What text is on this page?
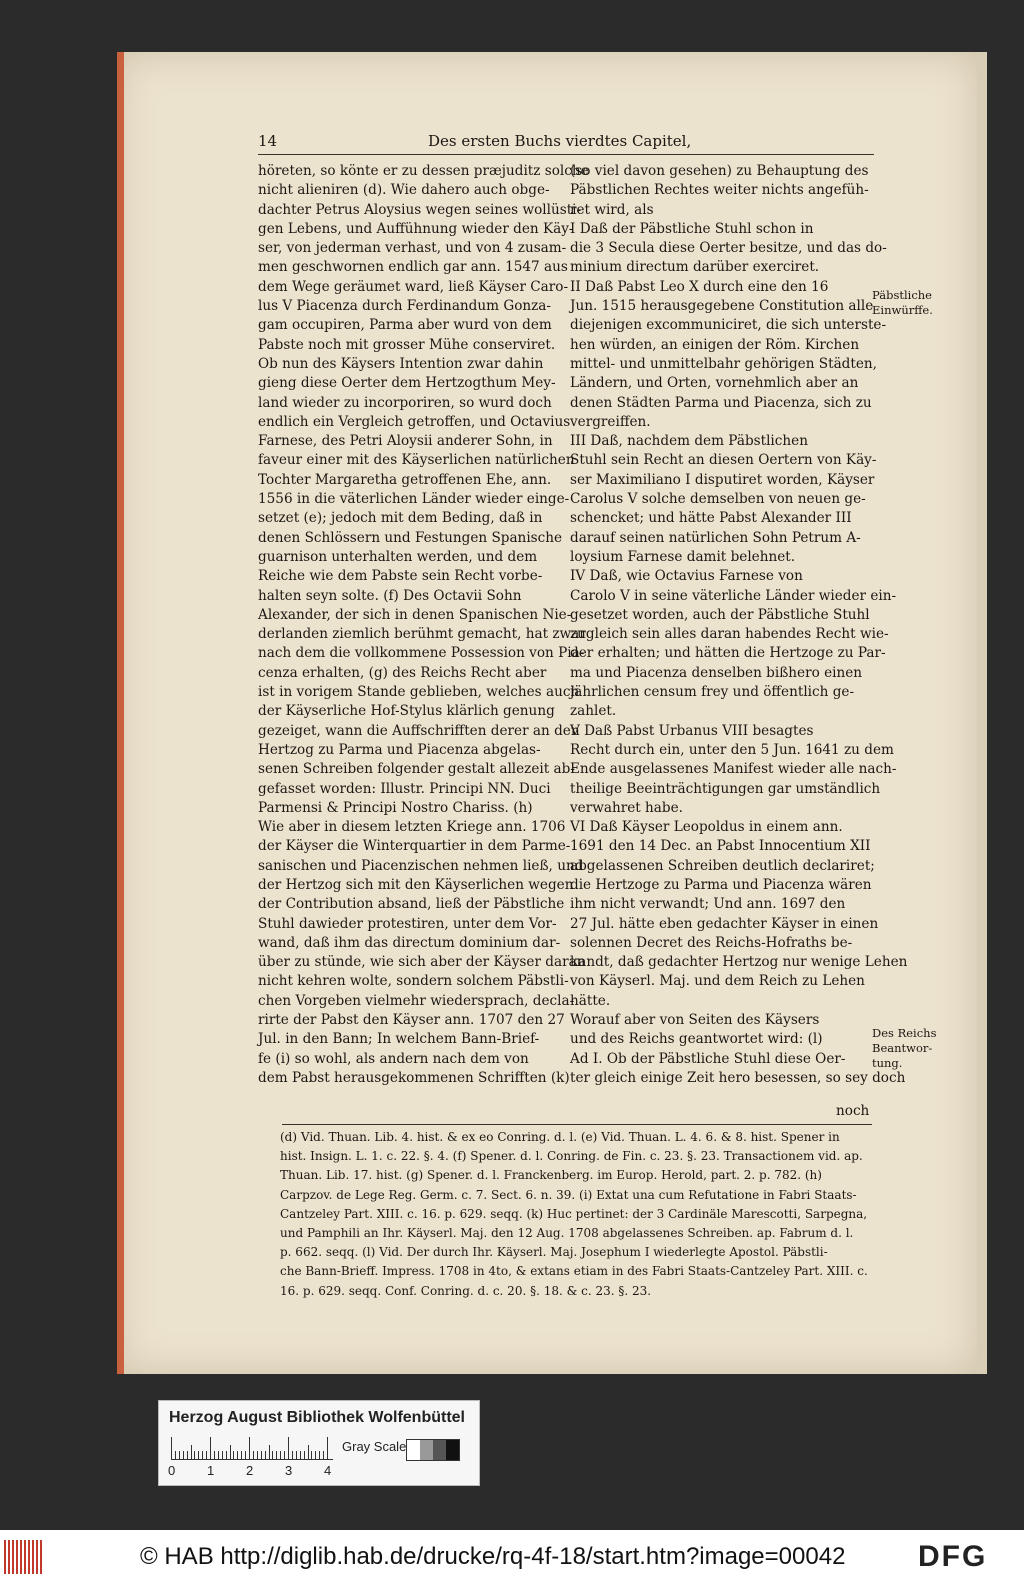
14	Des ersten Buchs vierdtes Capitel,
höreten, so könte er zu dessen præjuditz solche
nicht alieniren (d). Wie dahero auch obge-
dachter Petrus Aloysius wegen seines wollüsti-
gen Lebens, und Auffühnung wieder den Käy-
ser, von jederman verhast, und von 4 zusam-
men geschwornen endlich gar ann. 1547 aus
dem Wege geräumet ward, ließ Käyser Caro-
lus V Piacenza durch Ferdinandum Gonza-
gam occupiren, Parma aber wurd von dem
Pabste noch mit grosser Mühe conserviret.
Ob nun des Käysers Intention zwar dahin
gieng diese Oerter dem Hertzogthum Mey-
land wieder zu incorporiren, so wurd doch
endlich ein Vergleich getroffen, und Octavius
Farnese, des Petri Aloysii anderer Sohn, in
faveur einer mit des Käyserlichen natürlichen
Tochter Margaretha getroffenen Ehe, ann.
1556 in die väterlichen Länder wieder einge-
setzet (e); jedoch mit dem Beding, daß in
denen Schlössern und Festungen Spanische
guarnison unterhalten werden, und dem
Reiche wie dem Pabste sein Recht vorbe-
halten seyn solte. (f) Des Octavii Sohn
Alexander, der sich in denen Spanischen Nie-
derlanden ziemlich berühmt gemacht, hat zwar
nach dem die vollkommene Possession von Pia-
cenza erhalten, (g) des Reichs Recht aber
ist in vorigem Stande geblieben, welches auch
der Käyserliche Hof-Stylus klärlich genung
gezeiget, wann die Auffschrifften derer an den
Hertzog zu Parma und Piacenza abgelas-
senen Schreiben folgender gestalt allezeit ab-
gefasset worden: Illustr. Principi NN. Duci
Parmensi & Principi Nostro Chariss. (h)
Wie aber in diesem letzten Kriege ann. 1706
der Käyser die Winterquartier in dem Parme-
sanischen und Piacenzischen nehmen ließ, und
der Hertzog sich mit den Käyserlichen wegen
der Contribution absand, ließ der Päbstliche
Stuhl dawieder protestiren, unter dem Vor-
wand, daß ihm das directum dominium dar-
über zu stünde, wie sich aber der Käyser daran
nicht kehren wolte, sondern solchem Päbstli-
chen Vorgeben vielmehr wiedersprach, decla-
rirte der Pabst den Käyser ann. 1707 den 27
Jul. in den Bann; In welchem Bann-Brief-
fe (i) so wohl, als andern nach dem von
dem Pabst herausgekommenen Schrifften (k)
(so viel davon gesehen) zu Behauptung des
Päbstlichen Rechtes weiter nichts angefüh-
ret wird, als
I Daß der Päbstliche Stuhl schon in
die 3 Secula diese Oerter besitze, und das do-
minium directum darüber exerciret.
II Daß Pabst Leo X durch eine den 16
Jun. 1515 herausgegebene Constitution alle
diejenigen excommuniciret, die sich unterste-
hen würden, an einigen der Röm. Kirchen
mittel- und unmittelbahr gehörigen Städten,
Ländern, und Orten, vornehmlich aber an
denen Städten Parma und Piacenza, sich zu
vergreiffen.
III Daß, nachdem dem Päbstlichen
Stuhl sein Recht an diesen Oertern von Käy-
ser Maximiliano I disputiret worden, Käyser
Carolus V solche demselben von neuen ge-
schencket; und hätte Pabst Alexander III
darauf seinen natürlichen Sohn Petrum A-
loysium Farnese damit belehnet.
IV Daß, wie Octavius Farnese von
Carolo V in seine väterliche Länder wieder ein-
gesetzet worden, auch der Päbstliche Stuhl
zugleich sein alles daran habendes Recht wie-
der erhalten; und hätten die Hertzoge zu Par-
ma und Piacenza denselben bißhero einen
jährlichen censum frey und öffentlich ge-
zahlet.
V Daß Pabst Urbanus VIII besagtes
Recht durch ein, unter den 5 Jun. 1641 zu dem
Ende ausgelassenes Manifest wieder alle nach-
theilige Beeinträchtigungen gar umständlich
verwahret habe.
VI Daß Käyser Leopoldus in einem ann.
1691 den 14 Dec. an Pabst Innocentium XII
abgelassenen Schreiben deutlich declariret;
die Hertzoge zu Parma und Piacenza wären
ihm nicht verwandt; Und ann. 1697 den
27 Jul. hätte eben gedachter Käyser in einen
solennen Decret des Reichs-Hofraths be-
kandt, daß gedachter Hertzog nur wenige Lehen
von Käyserl. Maj. und dem Reich zu Lehen
hätte.
Worauf aber von Seiten des Käysers
und des Reichs geantwortet wird: (l)
Ad I. Ob der Päbstliche Stuhl diese Oer-
ter gleich einige Zeit hero besessen, so sey doch
noch
Päbstliche
Einwürffe.
Des Reichs
Beantwor-
tung.
(d) Vid. Thuan. Lib. 4. hist. & ex eo Conring. d. l. (e) Vid. Thuan. L. 4. 6. & 8. hist. Spener in
hist. Insign. L. 1. c. 22. §. 4. (f) Spener. d. l. Conring. de Fin. c. 23. §. 23. Transactionem vid. ap.
Thuan. Lib. 17. hist. (g) Spener. d. l. Franckenberg. im Europ. Herold, part. 2. p. 782. (h)
Carpzov. de Lege Reg. Germ. c. 7. Sect. 6. n. 39. (i) Extat una cum Refutatione in Fabri Staats-
Cantzeley Part. XIII. c. 16. p. 629. seqq. (k) Huc pertinet: der 3 Cardinäle Marescotti, Sarpegna,
und Pamphili an Ihr. Käyserl. Maj. den 12 Aug. 1708 abgelassenes Schreiben. ap. Fabrum d. l.
p. 662. seqq. (l) Vid. Der durch Ihr. Käyserl. Maj. Josephum I wiederlegte Apostol. Päbstli-
che Bann-Brieff. Impress. 1708 in 4to, & extans etiam in des Fabri Staats-Cantzeley Part. XIII. c.
16. p. 629. seqq. Conf. Conring. d. c. 20. §. 18. & c. 23. §. 23.
Herzog August Bibliothek Wolfenbüttel
0 1 2 3 4
Gray Scale
© HAB http://diglib.hab.de/drucke/rq-4f-18/start.htm?image=00042 DFG
